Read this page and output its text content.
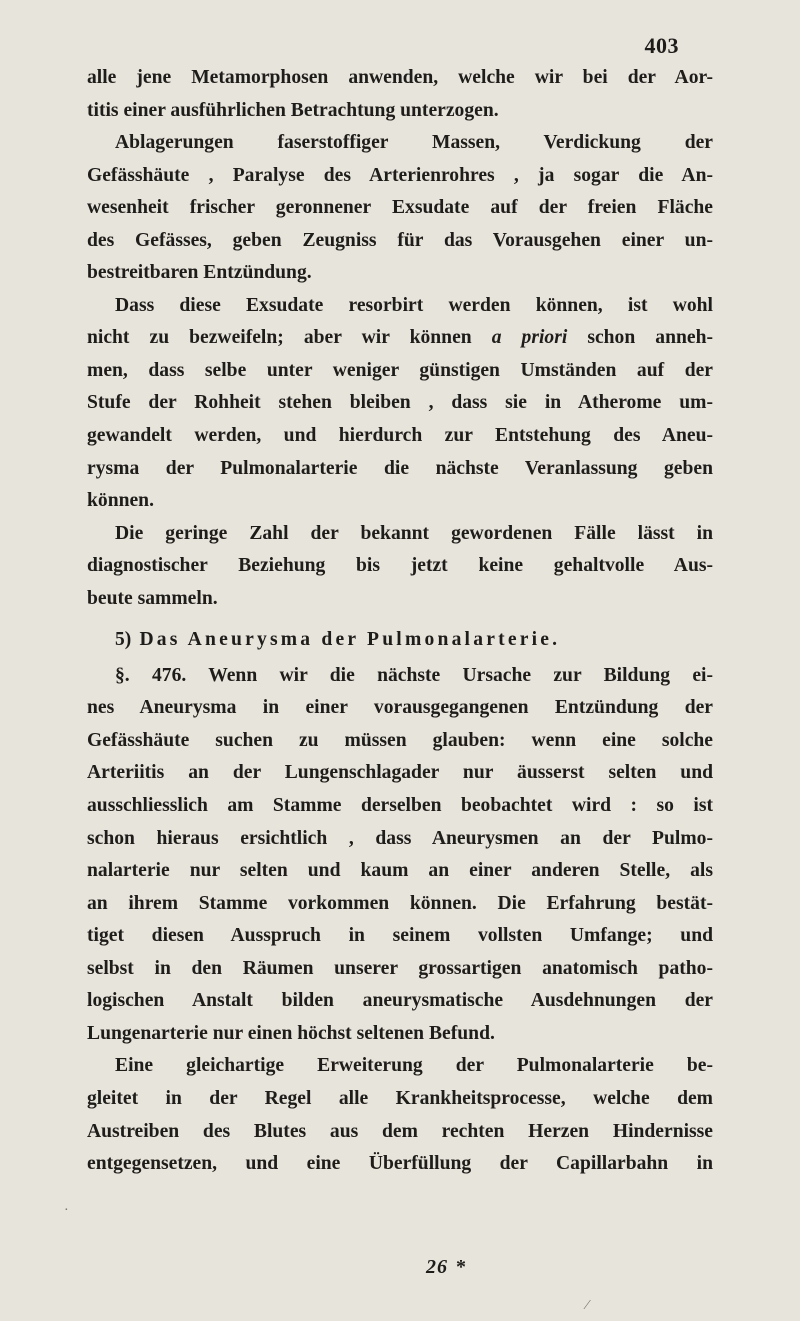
403
alle jene Metamorphosen anwenden, welche wir bei der Aor-
titis einer ausführlichen Betrachtung unterzogen.
Ablagerungen faserstoffiger Massen, Verdickung der
Gefässhäute , Paralyse des Arterienrohres , ja sogar die An-
wesenheit frischer geronnener Exsudate auf der freien Fläche
des Gefässes, geben Zeugniss für das Vorausgehen einer un-
bestreitbaren Entzündung.
Dass diese Exsudate resorbirt werden können, ist wohl
nicht zu bezweifeln; aber wir können a priori schon anneh-
men, dass selbe unter weniger günstigen Umständen auf der
Stufe der Rohheit stehen bleiben , dass sie in Atherome um-
gewandelt werden, und hierdurch zur Entstehung des Aneu-
rysma der Pulmonalarterie die nächste Veranlassung geben
können.
Die geringe Zahl der bekannt gewordenen Fälle lässt in
diagnostischer Beziehung bis jetzt keine gehaltvolle Aus-
beute sammeln.
5) Das Aneurysma der Pulmonalarterie.
§. 476. Wenn wir die nächste Ursache zur Bildung ei-
nes Aneurysma in einer vorausgegangenen Entzündung der
Gefässhäute suchen zu müssen glauben: wenn eine solche
Arteriitis an der Lungenschlagader nur äusserst selten und
ausschliesslich am Stamme derselben beobachtet wird : so ist
schon hieraus ersichtlich , dass Aneurysmen an der Pulmo-
nalarterie nur selten und kaum an einer anderen Stelle, als
an ihrem Stamme vorkommen können. Die Erfahrung bestät-
tiget diesen Ausspruch in seinem vollsten Umfange; und
selbst in den Räumen unserer grossartigen anatomisch patho-
logischen Anstalt bilden aneurysmatische Ausdehnungen der
Lungenarterie nur einen höchst seltenen Befund.
Eine gleichartige Erweiterung der Pulmonalarterie be-
gleitet in der Regel alle Krankheitsprocesse, welche dem
Austreiben des Blutes aus dem rechten Herzen Hindernisse
entgegensetzen, und eine Überfüllung der Capillarbahn in
26 *
·
⁄
